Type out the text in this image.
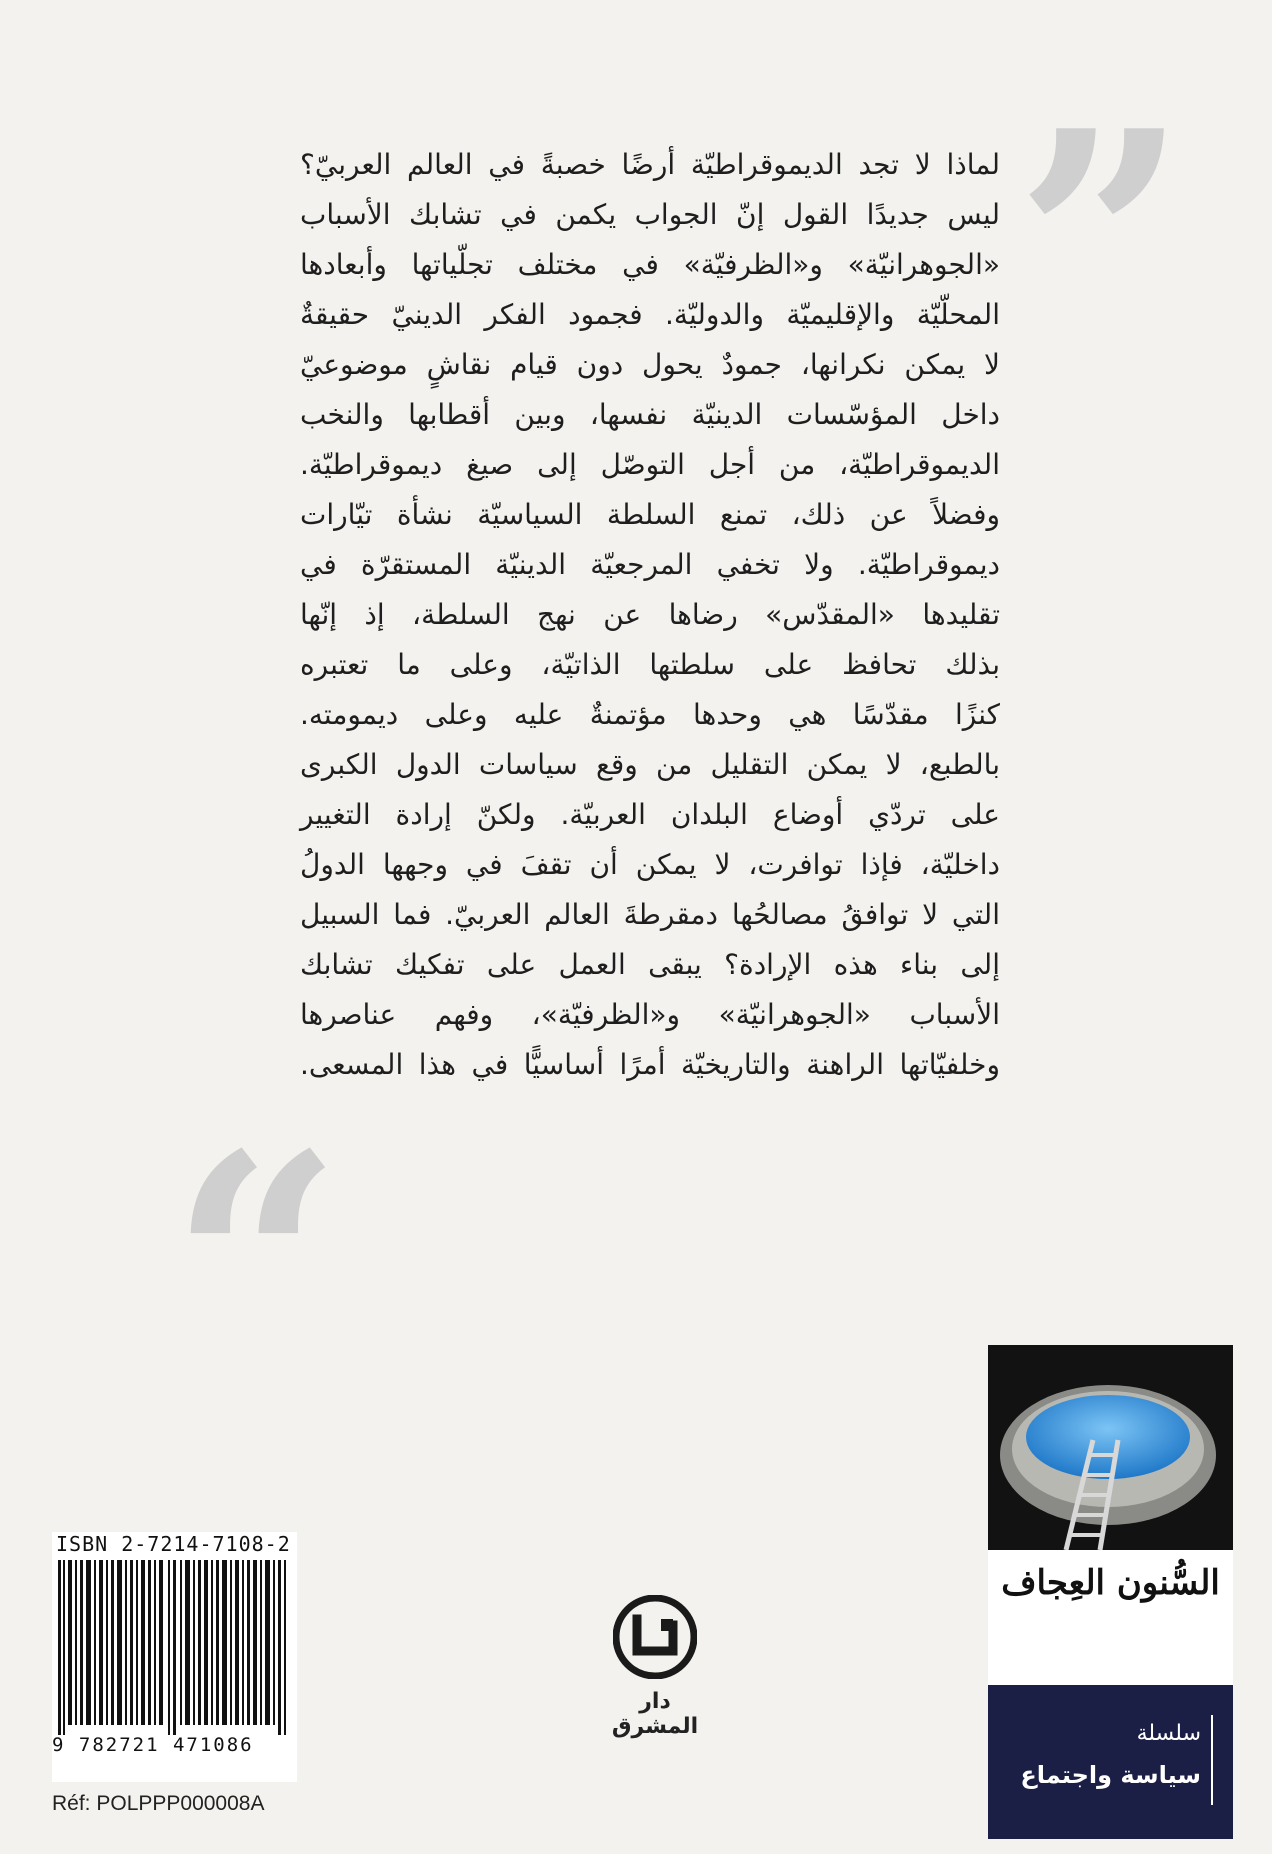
”
لماذا لا تجد الديموقراطيّة أرضًا خصبةً في العالم العربيّ؟
ليس جديدًا القول إنّ الجواب يكمن في تشابك الأسباب
«الجوهرانيّة» و«الظرفيّة» في مختلف تجلّياتها وأبعادها
المحلّيّة والإقليميّة والدوليّة. فجمود الفكر الدينيّ حقيقةٌ
لا يمكن نكرانها، جمودٌ يحول دون قيام نقاشٍ موضوعيّ
داخل المؤسّسات الدينيّة نفسها، وبين أقطابها والنخب
الديموقراطيّة، من أجل التوصّل إلى صيغ ديموقراطيّة.
وفضلاً عن ذلك، تمنع السلطة السياسيّة نشأة تيّارات
ديموقراطيّة. ولا تخفي المرجعيّة الدينيّة المستقرّة في
تقليدها «المقدّس» رضاها عن نهج السلطة، إذ إنّها
بذلك تحافظ على سلطتها الذاتيّة، وعلى ما تعتبره
كنزًا مقدّسًا هي وحدها مؤتمنةٌ عليه وعلى ديمومته.
بالطبع، لا يمكن التقليل من وقع سياسات الدول الكبرى
على تردّي أوضاع البلدان العربيّة. ولكنّ إرادة التغيير
داخليّة، فإذا توافرت، لا يمكن أن تقفَ في وجهها الدولُ
التي لا توافقُ مصالحُها دمقرطةَ العالم العربيّ. فما السبيل
إلى بناء هذه الإرادة؟ يبقى العمل على تفكيك تشابك
الأسباب «الجوهرانيّة» و«الظرفيّة»، وفهم عناصرها
وخلفيّاتها الراهنة والتاريخيّة أمرًا أساسيًّا في هذا المسعى.
“
السُّنون العِجاف
سلسلة
سياسة واجتماع
دار المشرق
ISBN 2-7214-7108-2
9 782721 471086
Réf: POLPPP000008A
